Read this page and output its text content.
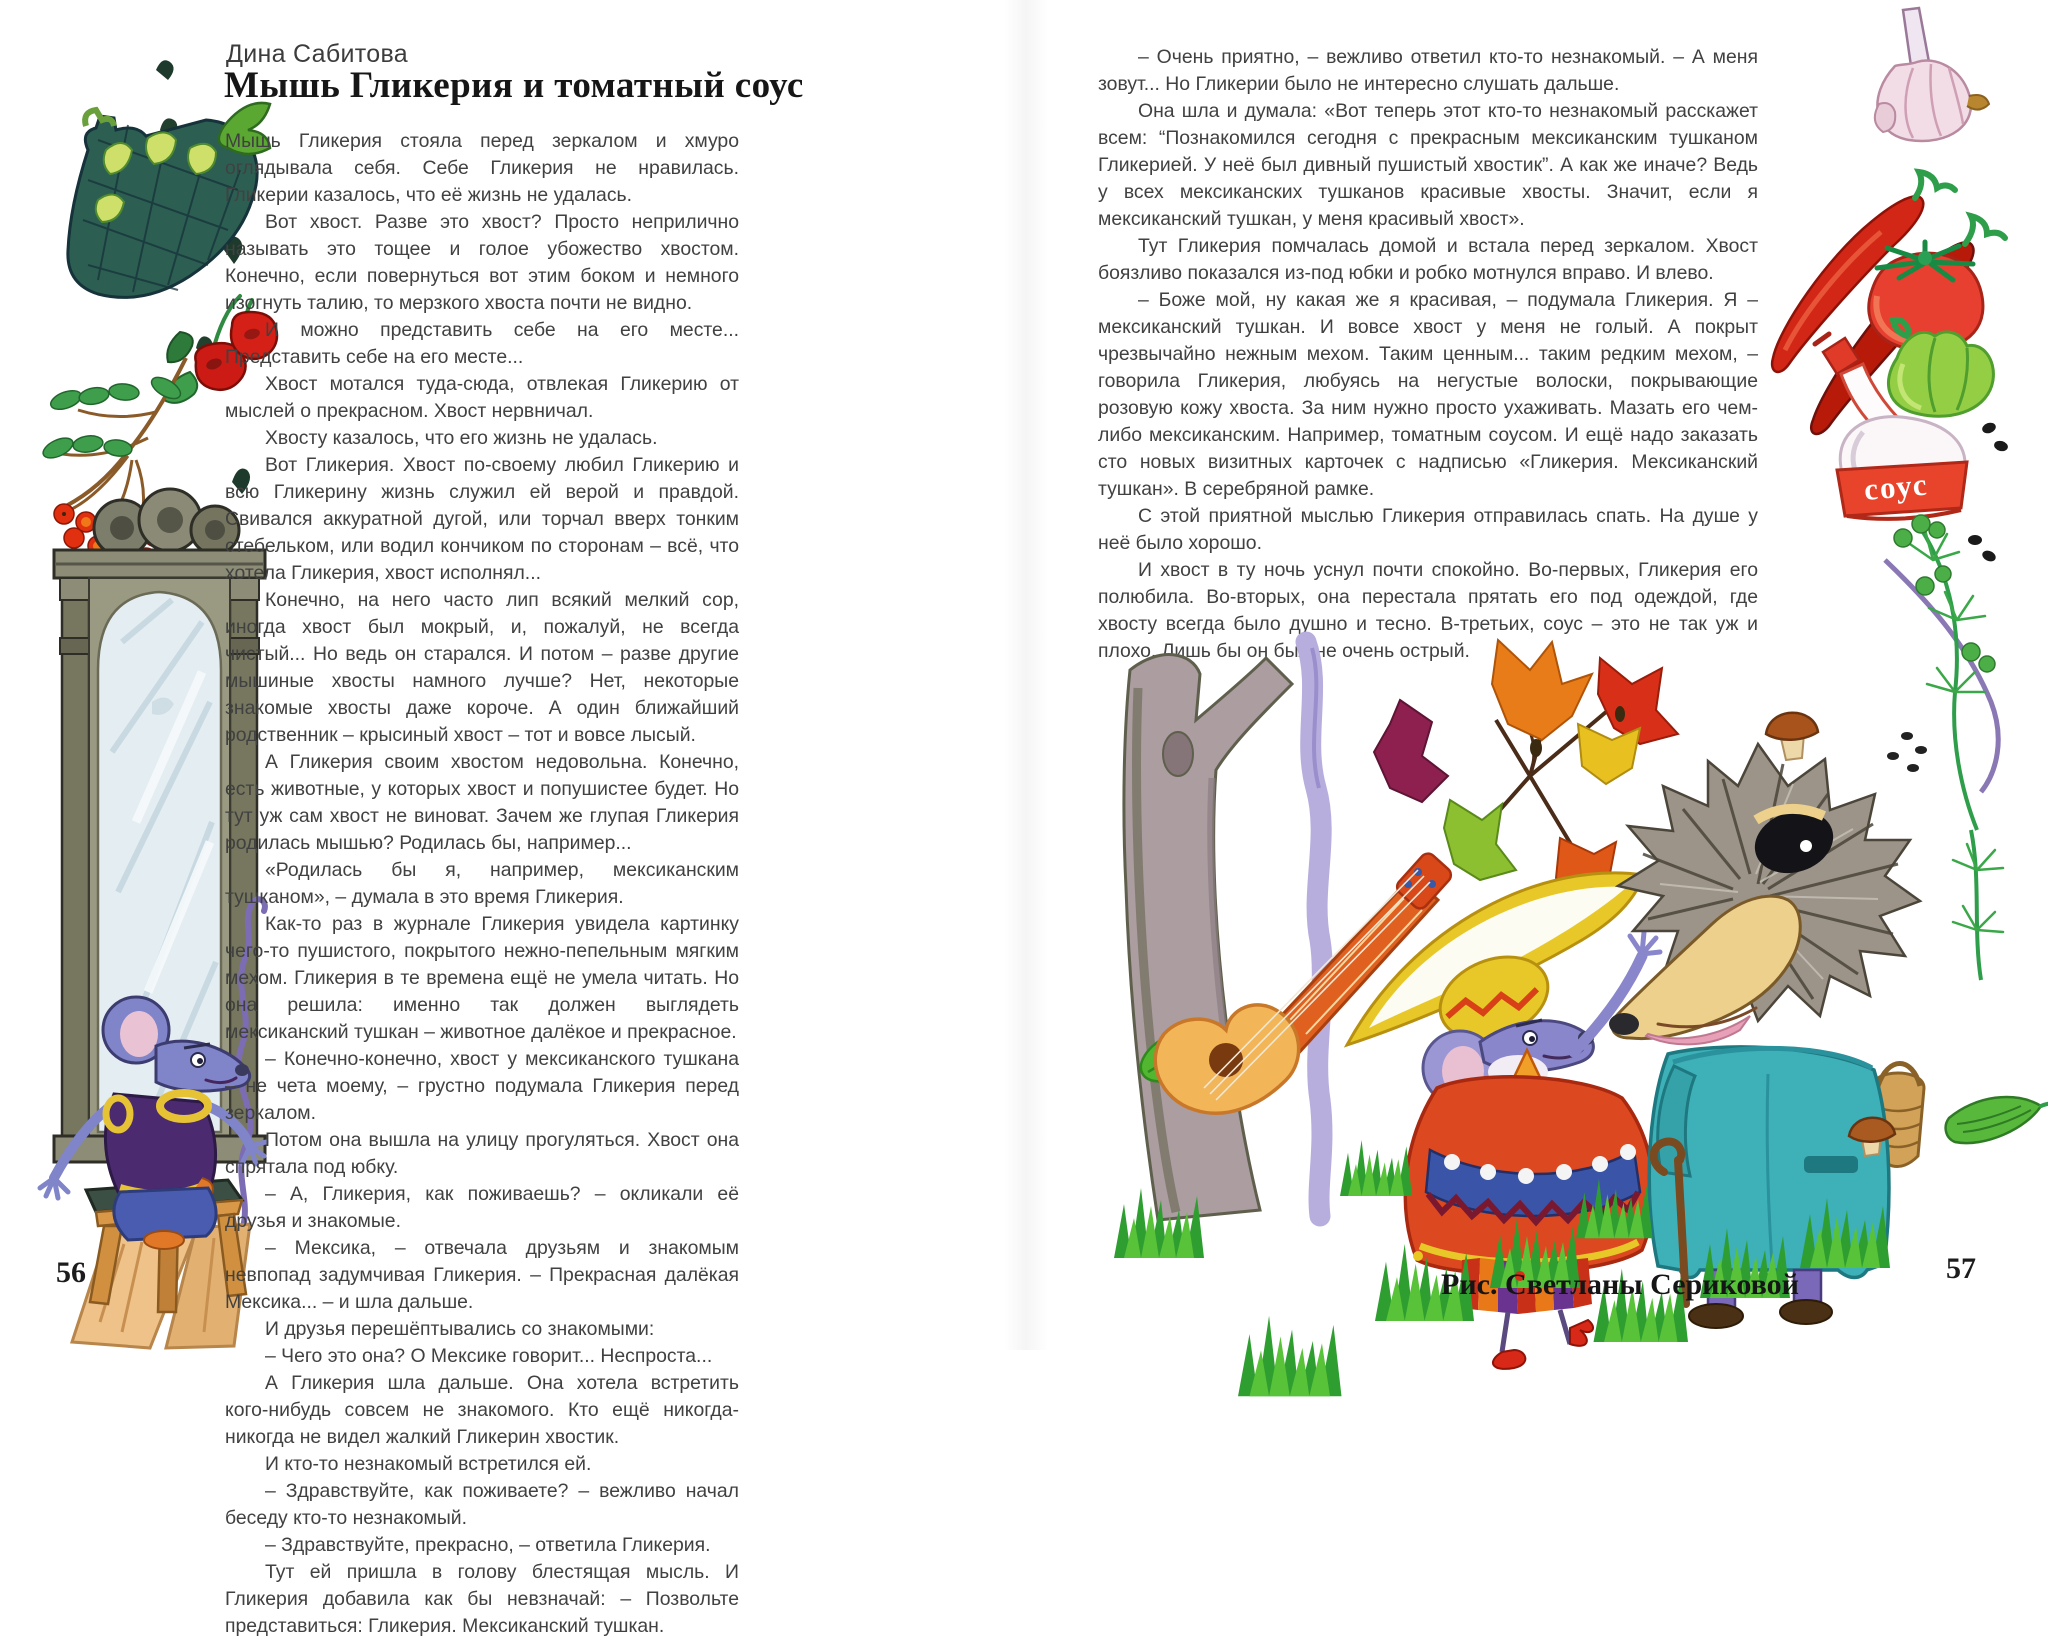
Дина Сабитова
Мышь Гликерия и томатный соус

Мышь Гликерия стояла перед зеркалом и хмуро оглядывала себя. Себе Гликерия не нравилась. Гликерии казалось, что её жизнь не удалась.

Вот хвост. Разве это хвост? Просто неприлично называть это тощее и голое убожество хвостом. Конечно, если повернуться вот этим боком и немного изогнуть талию, то мерзкого хвоста почти не видно.

И можно представить себе на его месте... Представить себе на его месте...

Хвост мотался туда-сюда, отвлекая Гликерию от мыслей о прекрасном. Хвост нервничал.

Хвосту казалось, что его жизнь не удалась.

Вот Гликерия. Хвост по-своему любил Гликерию и всю Гликерину жизнь служил ей верой и правдой. Свивался аккуратной дугой, или торчал вверх тонким стебельком, или водил кончиком по сторонам – всё, что хотела Гликерия, хвост исполнял...

Конечно, на него часто лип всякий мелкий сор, иногда хвост был мокрый, и, пожалуй, не всегда чистый... Но ведь он старался. И потом – разве другие мышиные хвосты намного лучше? Нет, некоторые знакомые хвосты даже короче. А один ближайший родственник – крысиный хвост – тот и вовсе лысый.

А Гликерия своим хвостом недовольна. Конечно, есть животные, у которых хвост и попушистее будет. Но тут уж сам хвост не виноват. Зачем же глупая Гликерия родилась мышью? Родилась бы, например...

«Родилась бы я, например, мексиканским тушканом», – думала в это время Гликерия.

Как-то раз в журнале Гликерия увидела картинку чего-то пушистого, покрытого нежно-пепельным мягким мехом. Гликерия в те времена ещё не умела читать. Но она решила: именно так должен выглядеть мексиканский тушкан – животное далёкое и прекрасное.

– Конечно-конечно, хвост у мексиканского тушкана – не чета моему, – грустно подумала Гликерия перед зеркалом.

Потом она вышла на улицу прогуляться. Хвост она спрятала под юбку.

– А, Гликерия, как поживаешь? – окликали её друзья и знакомые.

– Мексика, – отвечала друзьям и знакомым невпопад задумчивая Гликерия. – Прекрасная далёкая Мексика... – и шла дальше.

И друзья перешёптывались со знакомыми:

– Чего это она? О Мексике говорит... Неспроста...

А Гликерия шла дальше. Она хотела встретить кого-нибудь совсем не знакомого. Кто ещё никогда-никогда не видел жалкий Гликерин хвостик.

И кто-то незнакомый встретился ей.

– Здравствуйте, как поживаете? – вежливо начал беседу кто-то незнакомый.

– Здравствуйте, прекрасно, – ответила Гликерия.

Тут ей пришла в голову блестящая мысль. И Гликерия добавила как бы невзначай: – Позвольте представиться: Гликерия. Мексиканский тушкан.

56

– Очень приятно, – вежливо ответил кто-то незнакомый. – А меня зовут... Но Гликерии было не интересно слушать дальше.

Она шла и думала: «Вот теперь этот кто-то незнакомый расскажет всем: “Познакомился сегодня с прекрасным мексиканским тушканом Гликерией. У неё был дивный пушистый хвостик”. А как же иначе? Ведь у всех мексиканских тушканов красивые хвосты. Значит, если я мексиканский тушкан, у меня красивый хвост».

Тут Гликерия помчалась домой и встала перед зеркалом. Хвост боязливо показался из-под юбки и робко мотнулся вправо. И влево.

– Боже мой, ну какая же я красивая, – подумала Гликерия. Я – мексиканский тушкан. И вовсе хвост у меня не голый. А покрыт чрезвычайно нежным мехом. Таким ценным... таким редким мехом, – говорила Гликерия, любуясь на негустые волоски, покрывающие розовую кожу хвоста. За ним нужно просто ухаживать. Мазать его чем-либо мексиканским. Например, томатным соусом. И ещё надо заказать сто новых визитных карточек с надписью «Гликерия. Мексиканский тушкан». В серебряной рамке.

С этой приятной мыслью Гликерия отправилась спать. На душе у неё было хорошо.

И хвост в ту ночь уснул почти спокойно. Во-первых, Гликерия его полюбила. Во-вторых, она перестала прятать его под одеждой, где хвосту всегда было душно и тесно. В-третьих, соус – это не так уж и плохо. Лишь бы он был не очень острый.

соус
Рис. Светланы Сериковой	57
